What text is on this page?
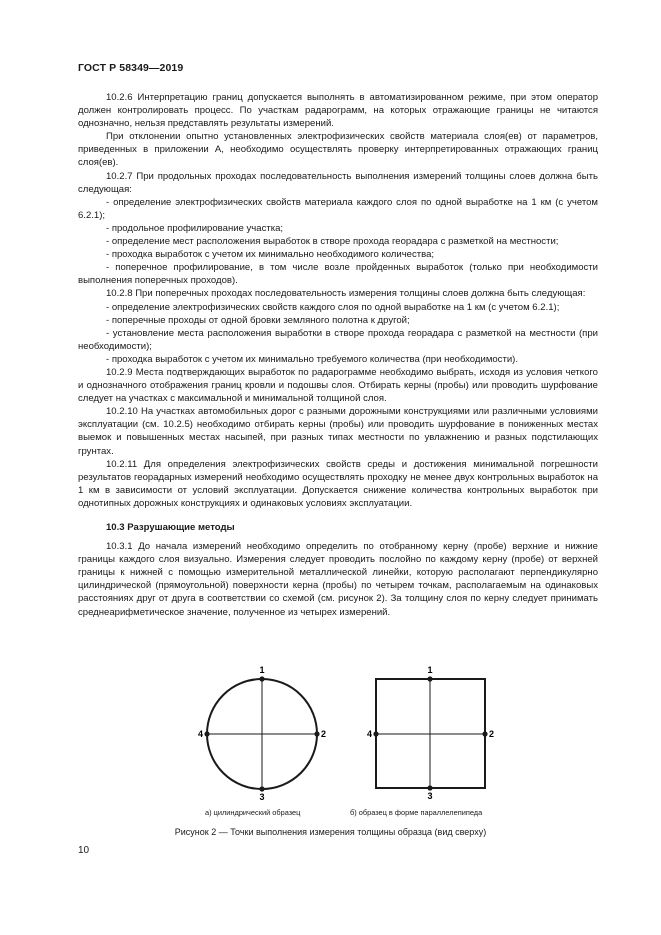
ГОСТ Р 58349—2019

10.2.6 Интерпретацию границ допускается выполнять в автоматизированном режиме, при этом оператор должен контролировать процесс. По участкам радарограмм, на которых отражающие границы не читаются однозначно, нельзя представлять результаты измерений.

При отклонении опытно установленных электрофизических свойств материала слоя(ев) от параметров, приведенных в приложении А, необходимо осуществлять проверку интерпретированных отражающих границ слоя(ев).

10.2.7 При продольных проходах последовательность выполнения измерений толщины слоев должна быть следующая:

- определение электрофизических свойств материала каждого слоя по одной выработке на 1 км (с учетом 6.2.1);

- продольное профилирование участка;

- определение мест расположения выработок в створе прохода георадара с разметкой на местности;

- проходка выработок с учетом их минимально необходимого количества;

- поперечное профилирование, в том числе возле пройденных выработок (только при необходимости выполнения поперечных проходов).

10.2.8 При поперечных проходах последовательность измерения толщины слоев должна быть следующая:

- определение электрофизических свойств каждого слоя по одной выработке на 1 км (с учетом 6.2.1);

- поперечные проходы от одной бровки земляного полотна к другой;

- установление места расположения выработки в створе прохода георадара с разметкой на местности (при необходимости);

- проходка выработок с учетом их минимально требуемого количества (при необходимости).

10.2.9 Места подтверждающих выработок по радарограмме необходимо выбрать, исходя из условия четкого и однозначного отображения границ кровли и подошвы слоя. Отбирать керны (пробы) или проводить шурфование следует на участках с максимальной и минимальной толщиной слоя.

10.2.10 На участках автомобильных дорог с разными дорожными конструкциями или различными условиями эксплуатации (см. 10.2.5) необходимо отбирать керны (пробы) или проводить шурфование в пониженных местах выемок и повышенных местах насыпей, при разных типах местности по увлажнению и разных подстилающих грунтах.

10.2.11 Для определения электрофизических свойств среды и достижения минимальной погрешности результатов георадарных измерений необходимо осуществлять проходку не менее двух контрольных выработок на 1 км в зависимости от условий эксплуатации. Допускается снижение количества контрольных выработок при однотипных дорожных конструкциях и одинаковых условиях эксплуатации.

10.3 Разрушающие методы

10.3.1 До начала измерений необходимо определить по отобранному керну (пробе) верхние и нижние границы каждого слоя визуально. Измерения следует проводить послойно по каждому керну (пробе) от верхней границы к нижней с помощью измерительной металлической линейки, которую располагают перпендикулярно цилиндрической (прямоугольной) поверхности керна (пробы) по четырем точкам, располагаемым на одинаковых расстояниях друг от друга в соответствии со схемой (см. рисунок 2). За толщину слоя по керну следует принимать среднеарифметическое значение, полученное из четырех измерений.

1
2
3
4
1
2
3
4
а) цилиндрический образец	б) образец в форме параллелепипеда
Рисунок 2 — Точки выполнения измерения толщины образца (вид сверху)
10
